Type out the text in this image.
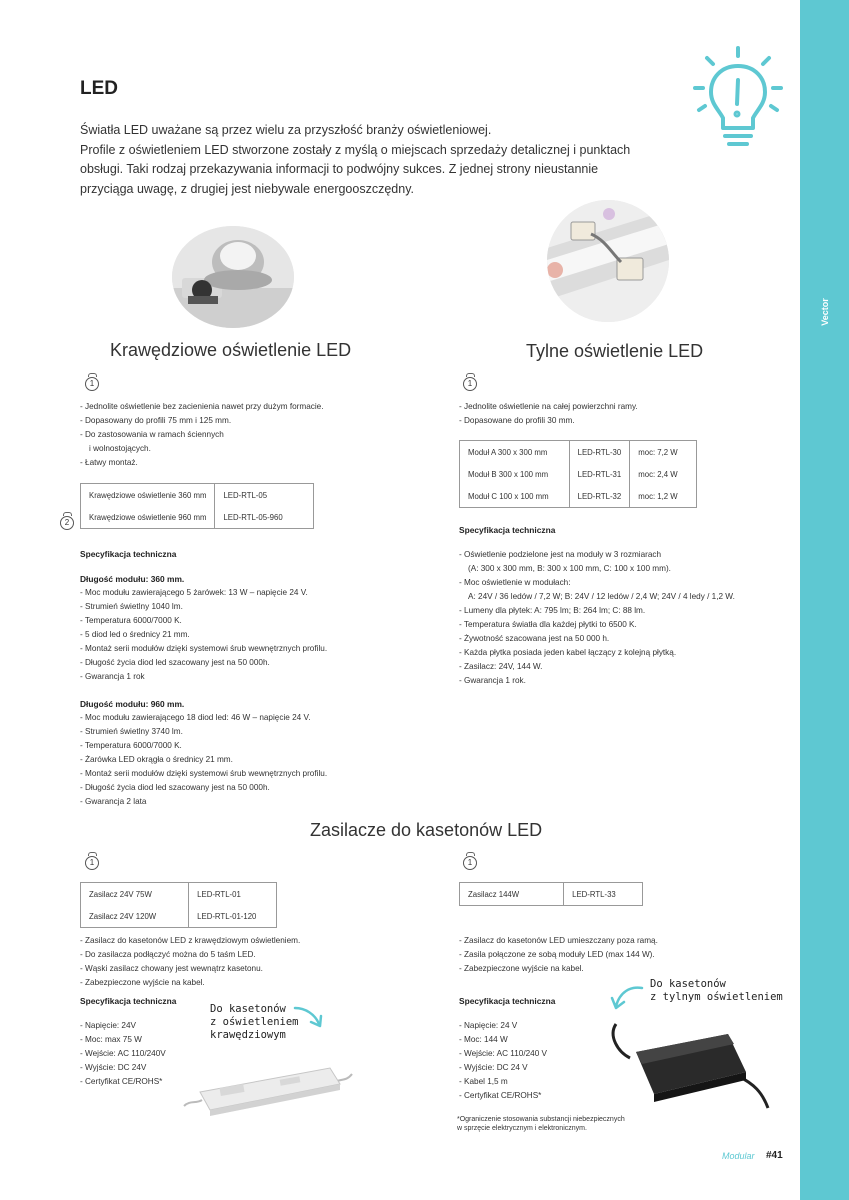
Vector
LED

Światła LED uważane są przez wielu za przyszłość branży oświetleniowej.

Profile z oświetleniem LED stworzone zostały z myślą o miejscach sprzedaży detalicznej i punktach

obsługi. Taki rodzaj przekazywania informacji to podwójny sukces. Z jednej strony nieustannie

przyciąga uwagę, z drugiej jest niebywale energooszczędny.

Krawędziowe oświetlenie LED	Tylne oświetlenie LED
1
- Jednolite oświetlenie bez zacienienia nawet przy dużym formacie.
- Dopasowany do profili 75 mm i 125 mm.
- Do zastosowania w ramach ściennych
i wolnostojących.
- Łatwy montaż.
Krawędziowe oświetlenie 360 mm	LED-RTL-05
Krawędziowe oświetlenie 960 mm	LED-RTL-05-960
2
Specyfikacja techniczna
Długość modułu: 360 mm.
- Moc modułu zawierającego 5 żarówek: 13 W – napięcie 24 V.
- Strumień świetlny 1040 lm.
- Temperatura 6000/7000 K.
- 5 diod led o średnicy 21 mm.
- Montaż serii modułów dzięki systemowi śrub wewnętrznych profilu.
- Długość życia diod led szacowany jest na 50 000h.
- Gwarancja 1 rok
Długość modułu: 960 mm.
- Moc modułu zawierającego 18 diod led: 46 W – napięcie 24 V.
- Strumień świetlny 3740 lm.
- Temperatura 6000/7000 K.
- Żarówka LED okrągła o średnicy 21 mm.
- Montaż serii modułów dzięki systemowi śrub wewnętrznych profilu.
- Długość życia diod led szacowany jest na 50 000h.
- Gwarancja 2 lata
1
- Jednolite oświetlenie na całej powierzchni ramy.
- Dopasowane do profili 30 mm.
Moduł A 300 x 300 mm	LED-RTL-30	moc: 7,2 W
Moduł B 300 x 100 mm	LED-RTL-31	moc: 2,4 W
Moduł C 100 x 100 mm	LED-RTL-32	moc: 1,2 W
Specyfikacja techniczna
- Oświetlenie podzielone jest na moduły w 3 rozmiarach
(A: 300 x 300 mm, B: 300 x 100 mm, C: 100 x 100 mm).
- Moc oświetlenie w modułach:
A: 24V / 36 ledów / 7,2 W; B: 24V / 12 ledów / 2,4 W; 24V / 4 ledy / 1,2 W.
- Lumeny dla płytek: A: 795 lm; B: 264 lm; C: 88 lm.
- Temperatura światła dla każdej płytki to 6500 K.
- Żywotność szacowana jest na 50 000 h.
- Każda płytka posiada jeden kabel łączący z kolejną płytką.
- Zasilacz: 24V, 144 W.
- Gwarancja 1 rok.
Zasilacze do kasetonów LED
1
Zasilacz 24V 75W	LED-RTL-01
Zasilacz 24V 120W	LED-RTL-01-120
- Zasilacz do kasetonów LED z krawędziowym oświetleniem.
- Do zasilacza podłączyć można do 5 taśm LED.
- Wąski zasilacz chowany jest wewnątrz kasetonu.
- Zabezpieczone wyjście na kabel.
Specyfikacja techniczna
- Napięcie: 24V
- Moc: max 75 W
- Wejście: AC 110/240V
- Wyjście: DC 24V
- Certyfikat CE/ROHS*
Do kasetonów
z oświetleniem
krawędziowym
1
Zasilacz 144W	LED-RTL-33
- Zasilacz do kasetonów LED umieszczany poza ramą.
- Zasila połączone ze sobą moduły LED (max 144 W).
- Zabezpieczone wyjście na kabel.
Specyfikacja techniczna
- Napięcie: 24 V
- Moc: 144 W
- Wejście: AC 110/240 V
- Wyjście: DC 24 V
- Kabel 1,5 m
- Certyfikat CE/ROHS*
Do kasetonów
z tylnym oświetleniem
*Ograniczenie stosowania substancji niebezpiecznych
w sprzęcie elektrycznym i elektronicznym.
Modular #41
